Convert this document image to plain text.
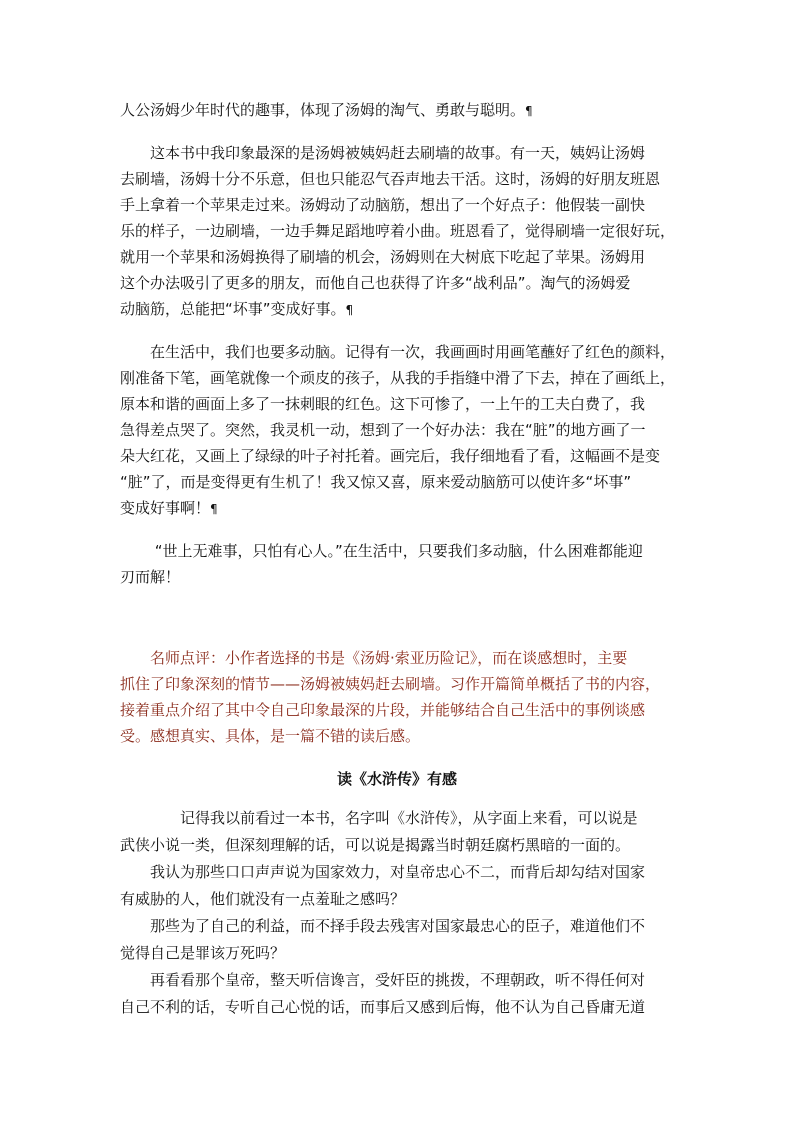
人公汤姆少年时代的趣事，体现了汤姆的淘气、勇敢与聪明。¶

　　这本书中我印象最深的是汤姆被姨妈赶去刷墙的故事。有一天，姨妈让汤姆
去刷墙，汤姆十分不乐意，但也只能忍气吞声地去干活。这时，汤姆的好朋友班恩
手上拿着一个苹果走过来。汤姆动了动脑筋，想出了一个好点子：他假装一副快
乐的样子，一边刷墙，一边手舞足蹈地哼着小曲。班恩看了，觉得刷墙一定很好玩，
就用一个苹果和汤姆换得了刷墙的机会，汤姆则在大树底下吃起了苹果。汤姆用
这个办法吸引了更多的朋友，而他自己也获得了许多“战利品”。淘气的汤姆爱
动脑筋，总能把“坏事”变成好事。¶

　　在生活中，我们也要多动脑。记得有一次，我画画时用画笔蘸好了红色的颜料，
刚准备下笔，画笔就像一个顽皮的孩子，从我的手指缝中滑了下去，掉在了画纸上，
原本和谐的画面上多了一抹刺眼的红色。这下可惨了，一上午的工夫白费了，我
急得差点哭了。突然，我灵机一动，想到了一个好办法：我在“脏”的地方画了一
朵大红花，又画上了绿绿的叶子衬托着。画完后，我仔细地看了看，这幅画不是变
“脏”了，而是变得更有生机了！我又惊又喜，原来爱动脑筋可以使许多“坏事”
变成好事啊！¶

　　 “世上无难事，只怕有心人。”在生活中，只要我们多动脑，什么困难都能迎
刃而解！

　　名师点评：小作者选择的书是《汤姆·索亚历险记》，而在谈感想时，主要
抓住了印象深刻的情节——汤姆被姨妈赶去刷墙。习作开篇简单概括了书的内容，
接着重点介绍了其中令自己印象最深的片段，并能够结合自己生活中的事例谈感
受。感想真实、具体，是一篇不错的读后感。

读《水浒传》有感

　　　　记得我以前看过一本书，名字叫《水浒传》，从字面上来看，可以说是
武侠小说一类，但深刻理解的话，可以说是揭露当时朝廷腐朽黑暗的一面的。
　　我认为那些口口声声说为国家效力，对皇帝忠心不二，而背后却勾结对国家
有威胁的人，他们就没有一点羞耻之感吗？
　　那些为了自己的利益，而不择手段去残害对国家最忠心的臣子，难道他们不
觉得自己是罪该万死吗？
　　再看看那个皇帝，整天听信谗言，受奸臣的挑拨，不理朝政，听不得任何对
自己不利的话，专听自己心悦的话，而事后又感到后悔，他不认为自己昏庸无道
